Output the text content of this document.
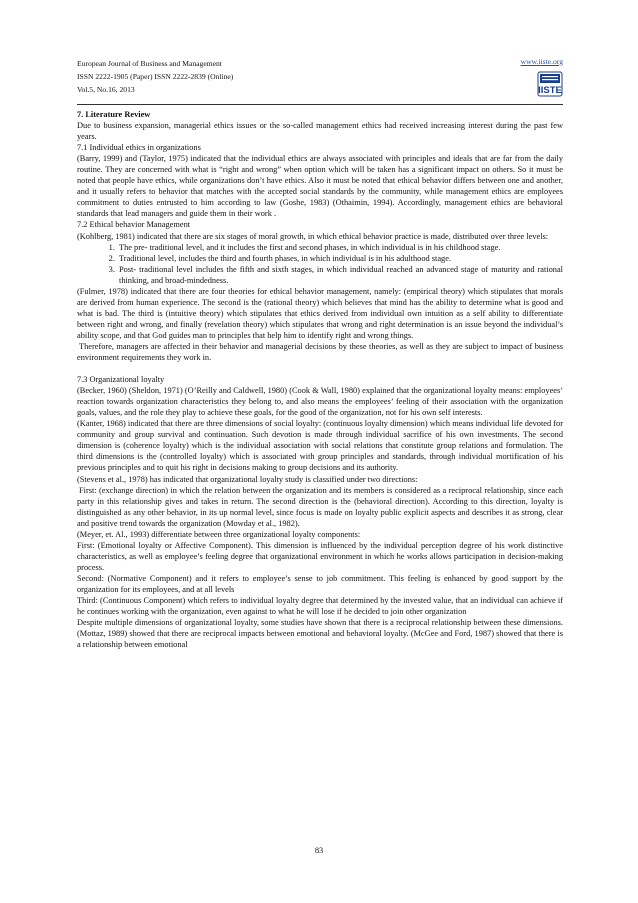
European Journal of Business and Management
ISSN 2222-1905 (Paper) ISSN 2222-2839 (Online)
Vol.5, No.16, 2013
www.iiste.org
IISTE

7. Literature Review

Due to business expansion, managerial ethics issues or the so-called management ethics had received increasing interest during the past few years.

7.1 Individual ethics in organizations

(Barry, 1999) and (Taylor, 1975) indicated that the individual ethics are always associated with principles and ideals that are far from the daily routine. They are concerned with what is “right and wrong” when option which will be taken has a significant impact on others. So it must be noted that people have ethics, while organizations don’t have ethics. Also it must be noted that ethical behavior differs between one and another, and it usually refers to behavior that matches with the accepted social standards by the community, while management ethics are employees commitment to duties entrusted to him according to law (Goshe, 1983) (Othaimin, 1994). Accordingly, management ethics are behavioral standards that lead managers and guide them in their work .

7.2 Ethical behavior Management

(Kohlberg, 1981) indicated that there are six stages of moral growth, in which ethical behavior practice is made, distributed over three levels:

1. The pre- traditional level, and it includes the first and second phases, in which individual is in his childhood stage.
2. Traditional level, includes the third and fourth phases, in which individual is in his adulthood stage.
3. Post- traditional level includes the fifth and sixth stages, in which individual reached an advanced stage of maturity and rational thinking, and broad-mindedness.

(Fulmer, 1978) indicated that there are four theories for ethical behavior management, namely: (empirical theory) which stipulates that morals are derived from human experience. The second is the (rational theory) which believes that mind has the ability to determine what is good and what is bad. The third is (intuitive theory) which stipulates that ethics derived from individual own intuition as a self ability to differentiate between right and wrong, and finally (revelation theory) which stipulates that wrong and right determination is an issue beyond the individual’s ability scope, and that God guides man to principles that help him to identify right and wrong things.

Therefore, managers are affected in their behavior and managerial decisions by these theories, as well as they are subject to impact of business environment requirements they work in.

7.3 Organizational loyalty

(Becker, 1960) (Sheldon, 1971) (O’Reilly and Caldwell, 1980) (Cook & Wall, 1980) explained that the organizational loyalty means: employees’ reaction towards organization characteristics they belong to, and also means the employees’ feeling of their association with the organization goals, values, and the role they play to achieve these goals, for the good of the organization, not for his own self interests.

(Kanter, 1968) indicated that there are three dimensions of social loyalty: (continuous loyalty dimension) which means individual life devoted for community and group survival and continuation. Such devotion is made through individual sacrifice of his own investments. The second dimension is (coherence loyalty) which is the individual association with social relations that constitute group relations and formulation. The third dimensions is the (controlled loyalty) which is associated with group principles and standards, through individual mortification of his previous principles and to quit his right in decisions making to group decisions and its authority.

(Stevens et al., 1978) has indicated that organizational loyalty study is classified under two directions:

First: (exchange direction) in which the relation between the organization and its members is considered as a reciprocal relationship, since each party in this relationship gives and takes in return. The second direction is the (behavioral direction). According to this direction, loyalty is distinguished as any other behavior, in its up normal level, since focus is made on loyalty public explicit aspects and describes it as strong, clear and positive trend towards the organization (Mowday et al., 1982).

(Meyer, et. Al., 1993) differentiate between three organizational loyalty components:

First: (Emotional loyalty or Affective Component). This dimension is influenced by the individual perception degree of his work distinctive characteristics, as well as employee’s feeling degree that organizational environment in which he works allows participation in decision-making process.

Second: (Normative Component) and it refers to employee’s sense to job commitment. This feeling is enhanced by good support by the organization for its employees, and at all levels

Third: (Continuous Component) which refers to individual loyalty degree that determined by the invested value, that an individual can achieve if he continues working with the organization, even against to what he will lose if he decided to join other organization

Despite multiple dimensions of organizational loyalty, some studies have shown that there is a reciprocal relationship between these dimensions. (Mottaz, 1989) showed that there are reciprocal impacts between emotional and behavioral loyalty. (McGee and Ford, 1987) showed that there is a relationship between emotional

83
